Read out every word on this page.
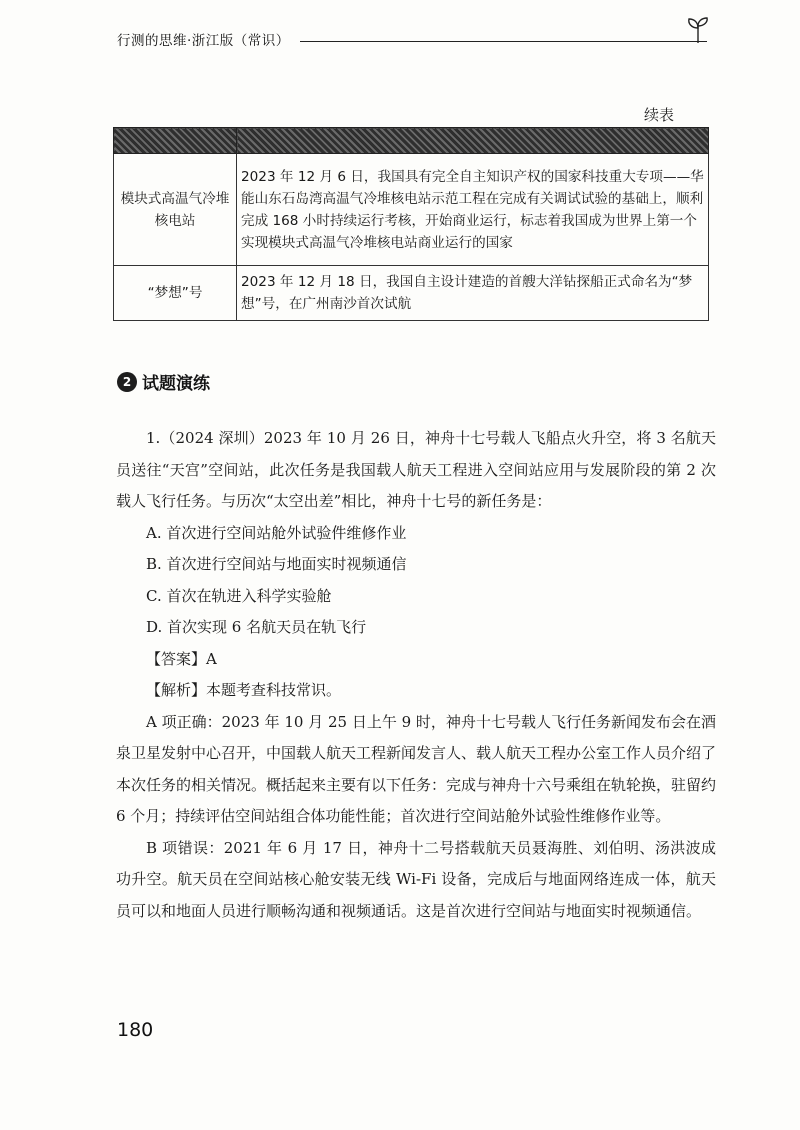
行测的思维·浙江版（常识）
续表

模块式高温气冷堆核电站	2023 年 12 月 6 日，我国具有完全自主知识产权的国家科技重大专项——华能山东石岛湾高温气冷堆核电站示范工程在完成有关调试试验的基础上，顺利完成 168 小时持续运行考核，开始商业运行，标志着我国成为世界上第一个实现模块式高温气冷堆核电站商业运行的国家
“梦想”号	2023 年 12 月 18 日，我国自主设计建造的首艘大洋钻探船正式命名为“梦想”号，在广州南沙首次试航
2 试题演练

1.（2024 深圳）2023 年 10 月 26 日，神舟十七号载人飞船点火升空，将 3 名航天员送往“天宫”空间站，此次任务是我国载人航天工程进入空间站应用与发展阶段的第 2 次载人飞行任务。与历次“太空出差”相比，神舟十七号的新任务是：

A. 首次进行空间站舱外试验件维修作业

B. 首次进行空间站与地面实时视频通信

C. 首次在轨进入科学实验舱

D. 首次实现 6 名航天员在轨飞行

【答案】A

【解析】本题考查科技常识。

A 项正确：2023 年 10 月 25 日上午 9 时，神舟十七号载人飞行任务新闻发布会在酒泉卫星发射中心召开，中国载人航天工程新闻发言人、载人航天工程办公室工作人员介绍了本次任务的相关情况。概括起来主要有以下任务：完成与神舟十六号乘组在轨轮换，驻留约 6 个月；持续评估空间站组合体功能性能；首次进行空间站舱外试验性维修作业等。

B 项错误：2021 年 6 月 17 日，神舟十二号搭载航天员聂海胜、刘伯明、汤洪波成功升空。航天员在空间站核心舱安装无线 Wi-Fi 设备，完成后与地面网络连成一体，航天员可以和地面人员进行顺畅沟通和视频通话。这是首次进行空间站与地面实时视频通信。

180
